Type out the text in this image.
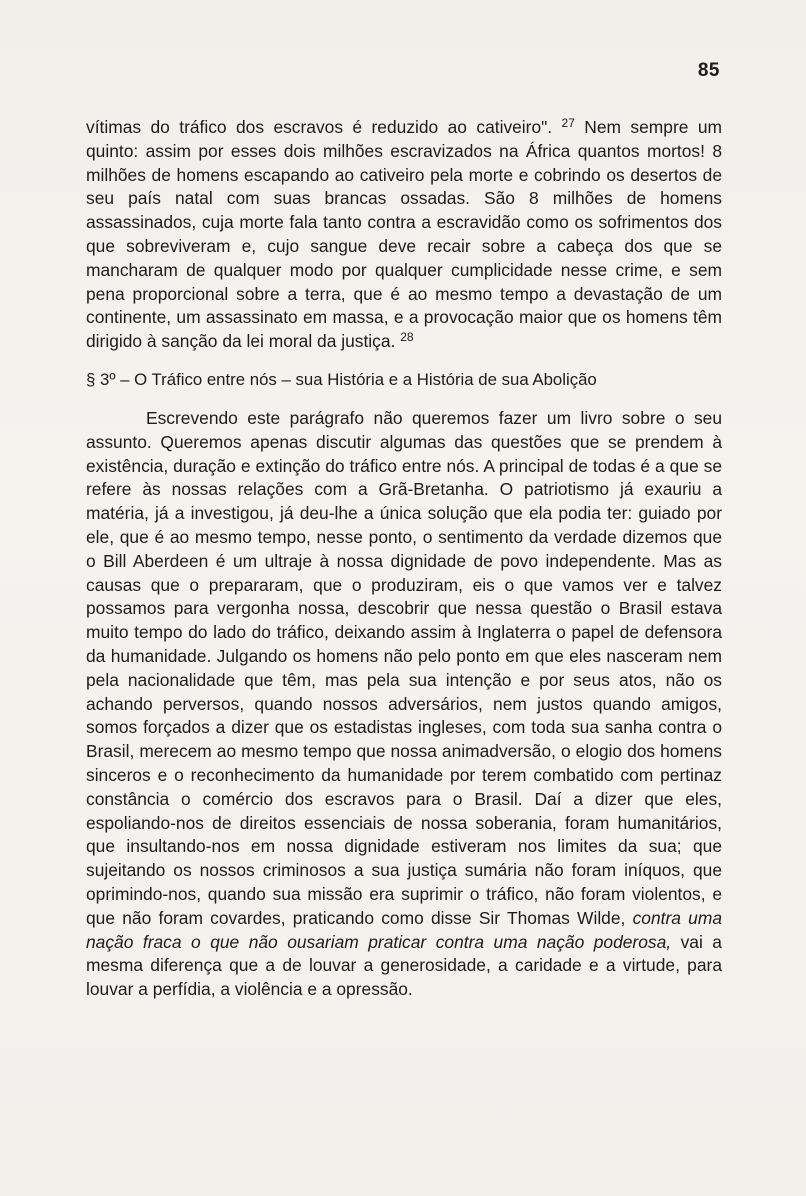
85

vítimas do tráfico dos escravos é reduzido ao cativeiro". $^{27}$ Nem sempre um quinto: assim por esses dois milhões escravizados na África quantos mortos! 8 milhões de homens escapando ao cativeiro pela morte e cobrindo os desertos de seu país natal com suas brancas ossadas. São 8 milhões de homens assassinados, cuja morte fala tanto contra a escravidão como os sofrimentos dos que sobreviveram e, cujo sangue deve recair sobre a cabeça dos que se mancharam de qualquer modo por qualquer cumplicidade nesse crime, e sem pena proporcional sobre a terra, que é ao mesmo tempo a devastação de um continente, um assassinato em massa, e a provocação maior que os homens têm dirigido à sanção da lei moral da justiça. $^{28}$

§ 3º – O Tráfico entre nós – sua História e a História de sua Abolição

Escrevendo este parágrafo não queremos fazer um livro sobre o seu assunto. Queremos apenas discutir algumas das questões que se prendem à existência, duração e extinção do tráfico entre nós. A principal de todas é a que se refere às nossas relações com a Grã-Bretanha. O patriotismo já exauriu a matéria, já a investigou, já deu-lhe a única solução que ela podia ter: guiado por ele, que é ao mesmo tempo, nesse ponto, o sentimento da verdade dizemos que o Bill Aberdeen é um ultraje à nossa dignidade de povo independente. Mas as causas que o prepararam, que o produziram, eis o que vamos ver e talvez possamos para vergonha nossa, descobrir que nessa questão o Brasil estava muito tempo do lado do tráfico, deixando assim à Inglaterra o papel de defensora da humanidade. Julgando os homens não pelo ponto em que eles nasceram nem pela nacionalidade que têm, mas pela sua intenção e por seus atos, não os achando perversos, quando nossos adversários, nem justos quando amigos, somos forçados a dizer que os estadistas ingleses, com toda sua sanha contra o Brasil, merecem ao mesmo tempo que nossa animadversão, o elogio dos homens sinceros e o reconhecimento da humanidade por terem combatido com pertinaz constância o comércio dos escravos para o Brasil. Daí a dizer que eles, espoliando-nos de direitos essenciais de nossa soberania, foram humanitários, que insultando-nos em nossa dignidade estiveram nos limites da sua; que sujeitando os nossos criminosos a sua justiça sumária não foram iníquos, que oprimindo-nos, quando sua missão era suprimir o tráfico, não foram violentos, e que não foram covardes, praticando como disse Sir Thomas Wilde, contra uma nação fraca o que não ousariam praticar contra uma nação poderosa, vai a mesma diferença que a de louvar a generosidade, a caridade e a virtude, para louvar a perfídia, a violência e a opressão.
